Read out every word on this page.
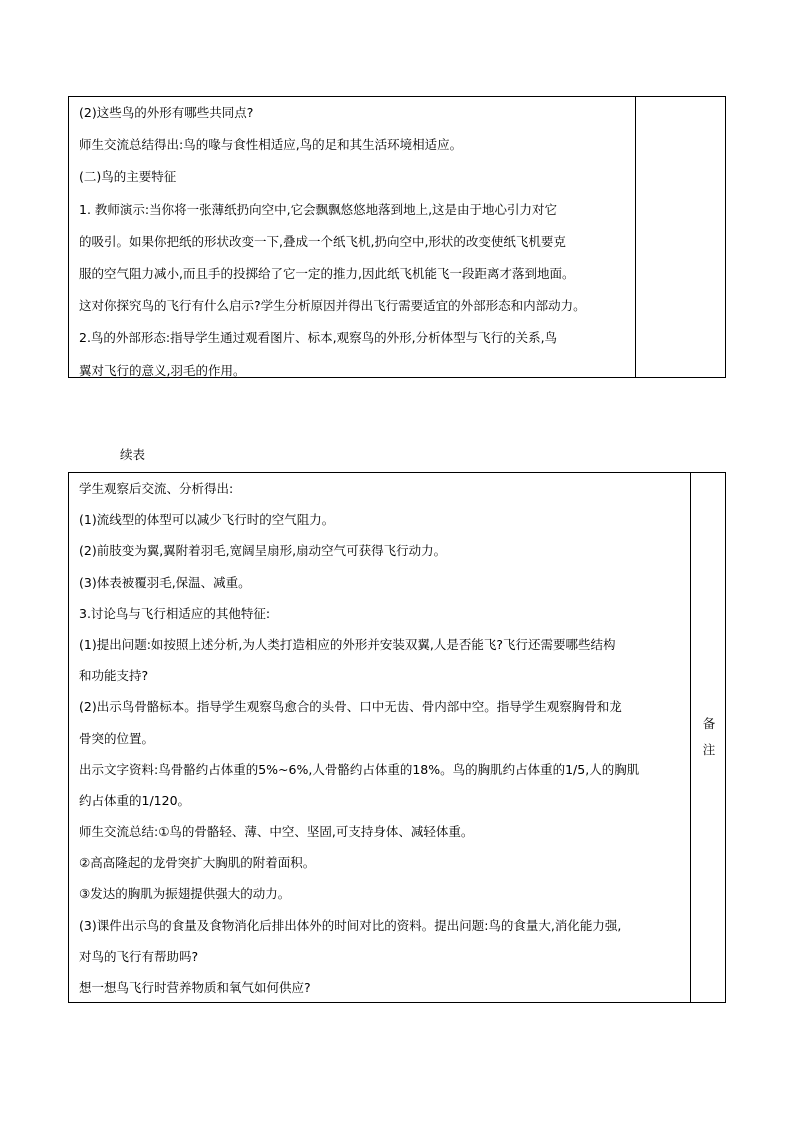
(2)这些鸟的外形有哪些共同点?
师生交流总结得出:鸟的喙与食性相适应,鸟的足和其生活环境相适应。
(二)鸟的主要特征
1. 教师演示:当你将一张薄纸扔向空中,它会飘飘悠悠地落到地上,这是由于地心引力对它
的吸引。如果你把纸的形状改变一下,叠成一个纸飞机,扔向空中,形状的改变使纸飞机要克
服的空气阻力减小,而且手的投掷给了它一定的推力,因此纸飞机能飞一段距离才落到地面。
这对你探究鸟的飞行有什么启示?学生分析原因并得出飞行需要适宜的外部形态和内部动力。
2.鸟的外部形态:指导学生通过观看图片、标本,观察鸟的外形,分析体型与飞行的关系,鸟
翼对飞行的意义,羽毛的作用。
续表
学生观察后交流、分析得出:
(1)流线型的体型可以减少飞行时的空气阻力。
(2)前肢变为翼,翼附着羽毛,宽阔呈扇形,扇动空气可获得飞行动力。
(3)体表被覆羽毛,保温、减重。
3.讨论鸟与飞行相适应的其他特征:
(1)提出问题:如按照上述分析,为人类打造相应的外形并安装双翼,人是否能飞?飞行还需要哪些结构
和功能支持?
(2)出示鸟骨骼标本。指导学生观察鸟愈合的头骨、口中无齿、骨内部中空。指导学生观察胸骨和龙
骨突的位置。
出示文字资料:鸟骨骼约占体重的5%~6%,人骨骼约占体重的18%。鸟的胸肌约占体重的1/5,人的胸肌
约占体重的1/120。
师生交流总结:①鸟的骨骼轻、薄、中空、坚固,可支持身体、减轻体重。
②高高隆起的龙骨突扩大胸肌的附着面积。
③发达的胸肌为振翅提供强大的动力。
(3)课件出示鸟的食量及食物消化后排出体外的时间对比的资料。提出问题:鸟的食量大,消化能力强,
对鸟的飞行有帮助吗?
想一想鸟飞行时营养物质和氧气如何供应?
备
注
